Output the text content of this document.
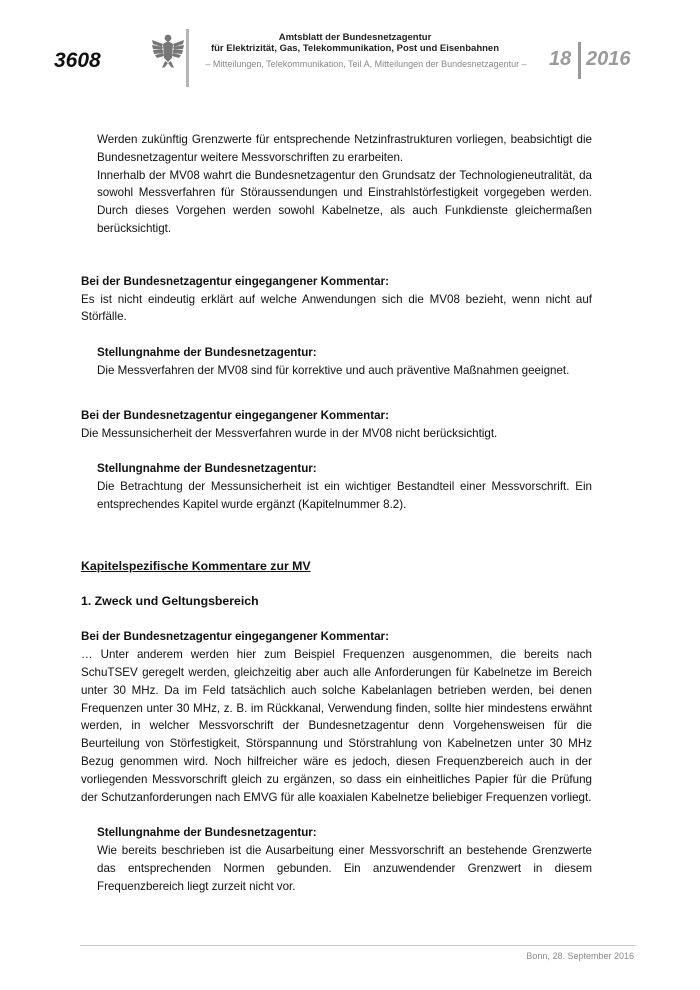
3608
Amtsblatt der Bundesnetzagentur
für Elektrizität, Gas, Telekommunikation, Post und Eisenbahnen
– Mitteilungen, Telekommunikation, Teil A, Mitteilungen der Bundesnetzagentur –	18 2016

Werden zukünftig Grenzwerte für entsprechende Netzinfrastrukturen vorliegen, beabsichtigt die Bundesnetzagentur weitere Messvorschriften zu erarbeiten.

Innerhalb der MV08 wahrt die Bundesnetzagentur den Grundsatz der Technologieneutralität, da sowohl Messverfahren für Störaussendungen und Einstrahlstörfestigkeit vorgegeben werden. Durch dieses Vorgehen werden sowohl Kabelnetze, als auch Funkdienste gleichermaßen berücksichtigt.

Bei der Bundesnetzagentur eingegangener Kommentar:

Es ist nicht eindeutig erklärt auf welche Anwendungen sich die MV08 bezieht, wenn nicht auf Störfälle.

Stellungnahme der Bundesnetzagentur:

Die Messverfahren der MV08 sind für korrektive und auch präventive Maßnahmen geeignet.

Bei der Bundesnetzagentur eingegangener Kommentar:

Die Messunsicherheit der Messverfahren wurde in der MV08 nicht berücksichtigt.

Stellungnahme der Bundesnetzagentur:

Die Betrachtung der Messunsicherheit ist ein wichtiger Bestandteil einer Messvorschrift. Ein entsprechendes Kapitel wurde ergänzt (Kapitelnummer 8.2).

Kapitelspezifische Kommentare zur MV

1. Zweck und Geltungsbereich

Bei der Bundesnetzagentur eingegangener Kommentar:

… Unter anderem werden hier zum Beispiel Frequenzen ausgenommen, die bereits nach SchuTSEV geregelt werden, gleichzeitig aber auch alle Anforderungen für Kabelnetze im Bereich unter 30 MHz. Da im Feld tatsächlich auch solche Kabelanlagen betrieben werden, bei denen Frequenzen unter 30 MHz, z. B. im Rückkanal, Verwendung finden, sollte hier mindestens erwähnt werden, in welcher Messvorschrift der Bundesnetzagentur denn Vorgehensweisen für die Beurteilung von Störfestigkeit, Störspannung und Störstrahlung von Kabelnetzen unter 30 MHz Bezug genommen wird. Noch hilfreicher wäre es jedoch, diesen Frequenzbereich auch in der vorliegenden Messvorschrift gleich zu ergänzen, so dass ein einheitliches Papier für die Prüfung der Schutzanforderungen nach EMVG für alle koaxialen Kabelnetze beliebiger Frequenzen vorliegt.

Stellungnahme der Bundesnetzagentur:

Wie bereits beschrieben ist die Ausarbeitung einer Messvorschrift an bestehende Grenzwerte das entsprechenden Normen gebunden. Ein anzuwendender Grenzwert in diesem Frequenzbereich liegt zurzeit nicht vor.

Bonn, 28. September 2016
